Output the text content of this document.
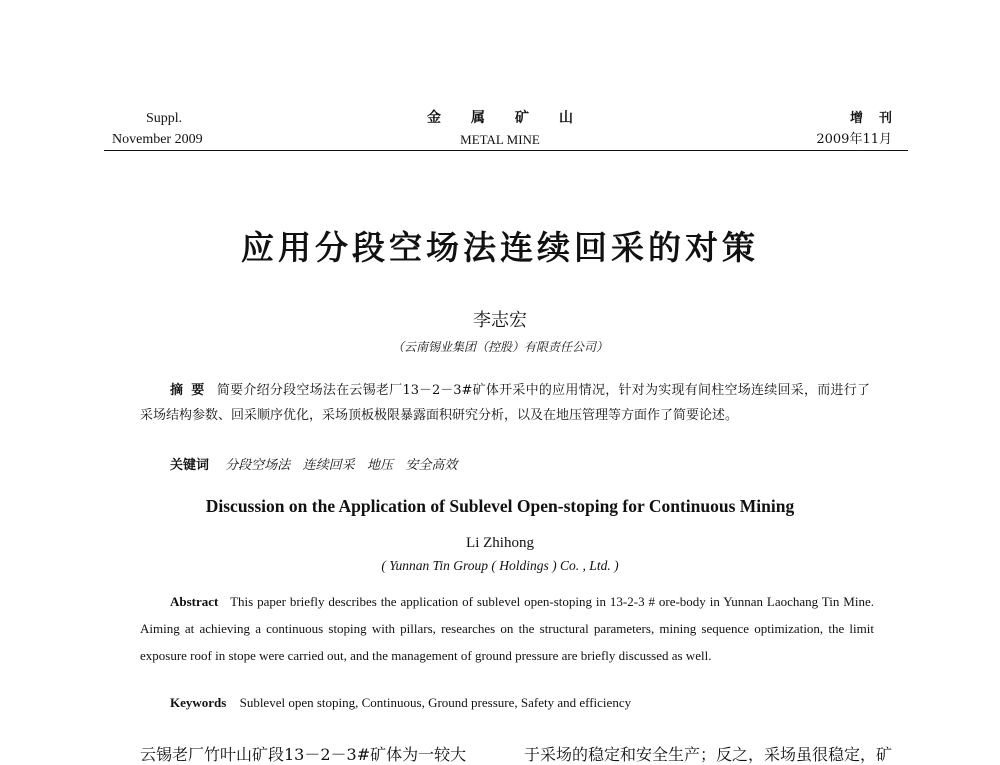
Suppl.
November 2009
金属矿山
METAL MINE
增刊
2009年11月
应用分段空场法连续回采的对策
李志宏
（云南锡业集团（控股）有限责任公司）
摘要 简要介绍分段空场法在云锡老厂13－2－3#矿体开采中的应用情况，针对为实现有间柱空场连续回采，而进行了采场结构参数、回采顺序优化，采场顶板极限暴露面积研究分析，以及在地压管理等方面作了简要论述。
关键词 分段空场法 连续回采 地压 安全高效
Discussion on the Application of Sublevel Open-stoping for Continuous Mining
Li Zhihong
( Yunnan Tin Group ( Holdings ) Co. , Ltd. )
Abstract This paper briefly describes the application of sublevel open-stoping in 13-2-3 # ore-body in Yunnan Laochang Tin Mine. Aiming at achieving a continuous stoping with pillars, researches on the structural parameters, mining sequence optimization, the limit exposure roof in stope were carried out, and the management of ground pressure are briefly discussed as well.
Keywords Sublevel open stoping, Continuous, Ground pressure, Safety and efficiency
云锡老厂竹叶山矿段13－2－3#矿体为一较大	于采场的稳定和安全生产；反之，采场虽很稳定，矿
